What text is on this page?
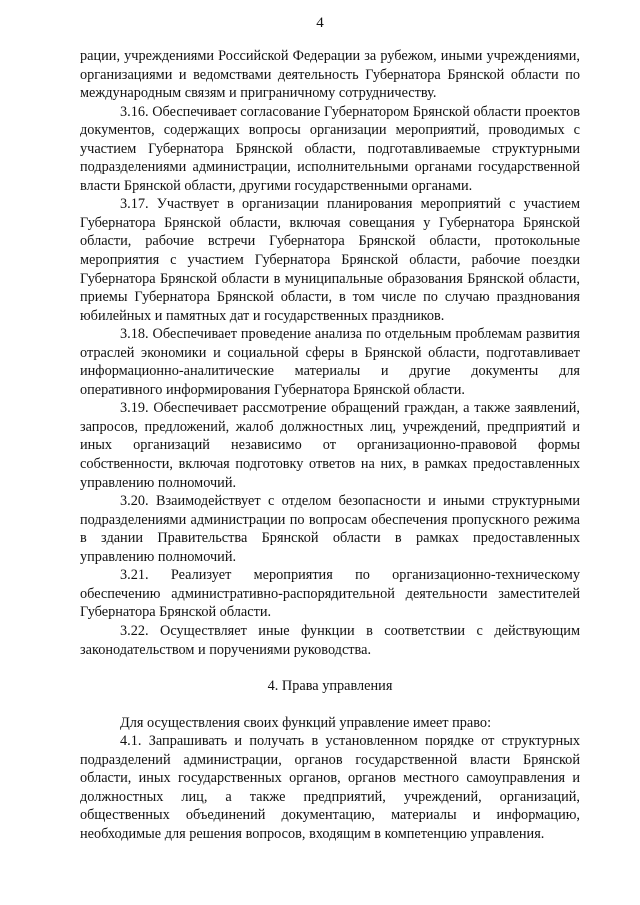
4

рации, учреждениями Российской Федерации за рубежом, иными учреждениями, организациями и ведомствами деятельность Губернатора Брянской области по международным связям и приграничному сотрудничеству.

3.16. Обеспечивает согласование Губернатором Брянской области проектов документов, содержащих вопросы организации мероприятий, проводимых с участием Губернатора Брянской области, подготавливаемые структурными подразделениями администрации, исполнительными органами государственной власти Брянской области, другими государственными органами.

3.17. Участвует в организации планирования мероприятий с участием Губернатора Брянской области, включая совещания у Губернатора Брянской области, рабочие встречи Губернатора Брянской области, протокольные мероприятия с участием Губернатора Брянской области, рабочие поездки Губернатора Брянской области в муниципальные образования Брянской области, приемы Губернатора Брянской области, в том числе по случаю празднования юбилейных и памятных дат и государственных праздников.

3.18. Обеспечивает проведение анализа по отдельным проблемам развития отраслей экономики и социальной сферы в Брянской области, подготавливает информационно-аналитические материалы и другие документы для оперативного информирования Губернатора Брянской области.

3.19. Обеспечивает рассмотрение обращений граждан, а также заявлений, запросов, предложений, жалоб должностных лиц, учреждений, предприятий и иных организаций независимо от организационно-правовой формы собственности, включая подготовку ответов на них, в рамках предоставленных управлению полномочий.

3.20. Взаимодействует с отделом безопасности и иными структурными подразделениями администрации по вопросам обеспечения пропускного режима в здании Правительства Брянской области в рамках предоставленных управлению полномочий.

3.21. Реализует мероприятия по организационно-техническому обеспечению административно-распорядительной деятельности заместителей Губернатора Брянской области.

3.22. Осуществляет иные функции в соответствии с действующим законодательством и поручениями руководства.

4. Права управления

Для осуществления своих функций управление имеет право:

4.1. Запрашивать и получать в установленном порядке от структурных подразделений администрации, органов государственной власти Брянской области, иных государственных органов, органов местного самоуправления и должностных лиц, а также предприятий, учреждений, организаций, общественных объединений документацию, материалы и информацию, необходимые для решения вопросов, входящим в компетенцию управления.
